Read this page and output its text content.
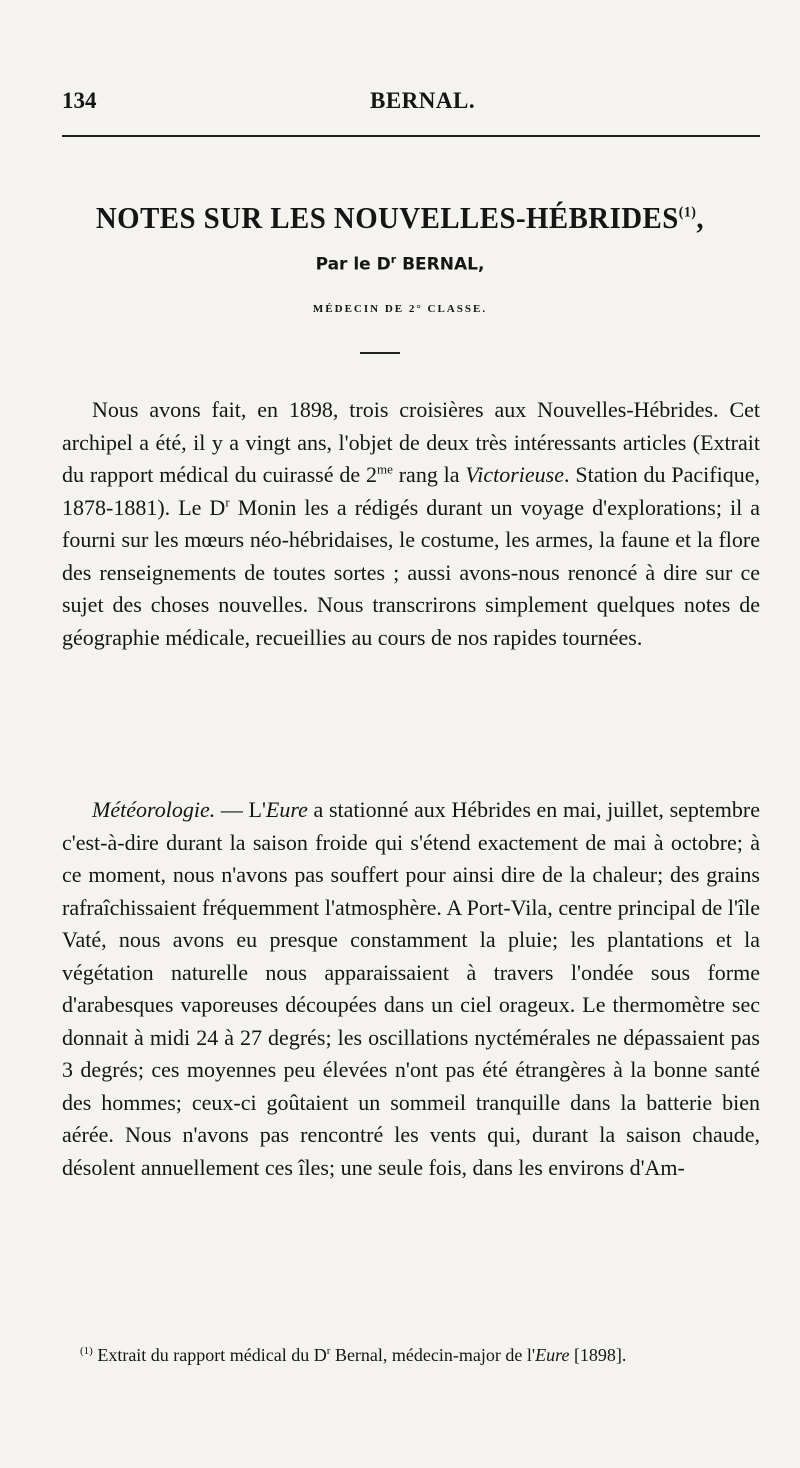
134	BERNAL.
NOTES SUR LES NOUVELLES-HÉBRIDES$^{(1)}$,
Par le $D^r$ BERNAL,
MÉDECIN DE 2° CLASSE.

Nous avons fait, en 1898, trois croisières aux Nouvelles-Hébrides. Cet archipel a été, il y a vingt ans, l'objet de deux très intéressants articles (Extrait du rapport médical du cuirassé de $2^{me}$ rang la Victorieuse. Station du Pacifique, 1878-1881). Le $D^r$ Monin les a rédigés durant un voyage d'explorations; il a fourni sur les mœurs néo-hébridaises, le costume, les armes, la faune et la flore des renseignements de toutes sortes ; aussi avons-nous renoncé à dire sur ce sujet des choses nouvelles. Nous transcrirons simplement quelques notes de géographie médicale, recueillies au cours de nos rapides tournées.

Météorologie. — L'Eure a stationné aux Hébrides en mai, juillet, septembre c'est-à-dire durant la saison froide qui s'étend exactement de mai à octobre; à ce moment, nous n'avons pas souffert pour ainsi dire de la chaleur; des grains rafraîchissaient fréquemment l'atmosphère. A Port-Vila, centre principal de l'île Vaté, nous avons eu presque constamment la pluie; les plantations et la végétation naturelle nous apparaissaient à travers l'ondée sous forme d'arabesques vaporeuses découpées dans un ciel orageux. Le thermomètre sec donnait à midi 24 à 27 degrés; les oscillations nyctémérales ne dépassaient pas 3 degrés; ces moyennes peu élevées n'ont pas été étrangères à la bonne santé des hommes; ceux-ci goûtaient un sommeil tranquille dans la batterie bien aérée. Nous n'avons pas rencontré les vents qui, durant la saison chaude, désolent annuellement ces îles; une seule fois, dans les environs d'Am-

$^{(1)}$ Extrait du rapport médical du $D^r$ Bernal, médecin-major de l'Eure [1898].
